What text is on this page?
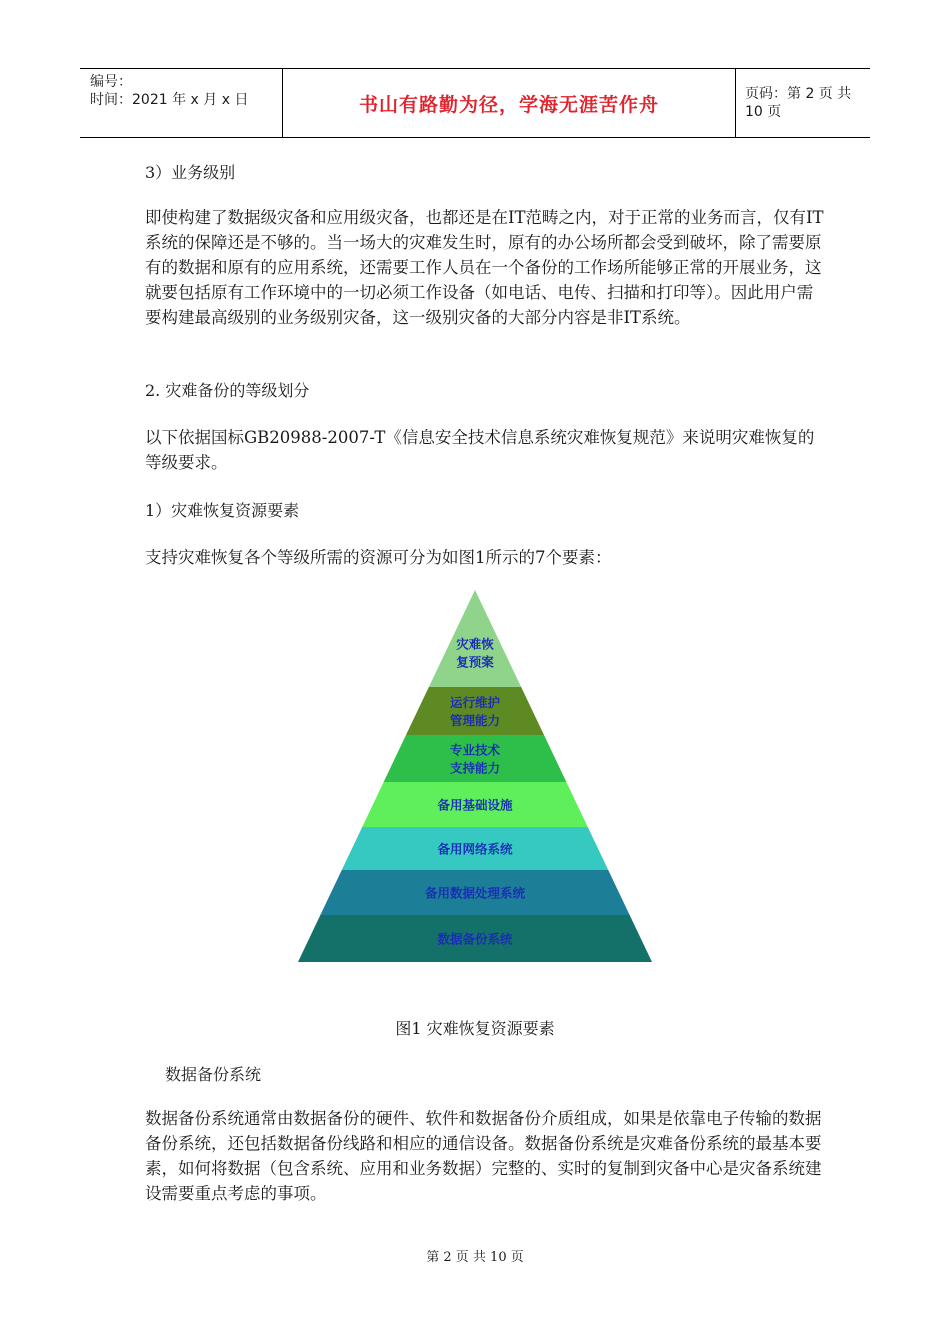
编号：
时间：2021 年 x 月 x 日	书山有路勤为径，学海无涯苦作舟	页码：第 2 页 共 10 页
3）业务级别
即使构建了数据级灾备和应用级灾备，也都还是在IT范畴之内，对于正常的业务而言，仅有IT系统的保障还是不够的。当一场大的灾难发生时，原有的办公场所都会受到破坏，除了需要原有的数据和原有的应用系统，还需要工作人员在一个备份的工作场所能够正常的开展业务，这就要包括原有工作环境中的一切必须工作设备（如电话、电传、扫描和打印等）。因此用户需要构建最高级别的业务级别灾备，这一级别灾备的大部分内容是非IT系统。
2. 灾难备份的等级划分
以下依据国标GB20988-2007-T《信息安全技术信息系统灾难恢复规范》来说明灾难恢复的等级要求。
1）灾难恢复资源要素
支持灾难恢复各个等级所需的资源可分为如图1所示的7个要素：
灾难恢
复预案
运行维护
管理能力
专业技术
支持能力
备用基础设施
备用网络系统
备用数据处理系统
数据备份系统
图1 灾难恢复资源要素
数据备份系统
数据备份系统通常由数据备份的硬件、软件和数据备份介质组成，如果是依靠电子传输的数据备份系统，还包括数据备份线路和相应的通信设备。数据备份系统是灾难备份系统的最基本要素，如何将数据（包含系统、应用和业务数据）完整的、实时的复制到灾备中心是灾备系统建设需要重点考虑的事项。
第 2 页 共 10 页
